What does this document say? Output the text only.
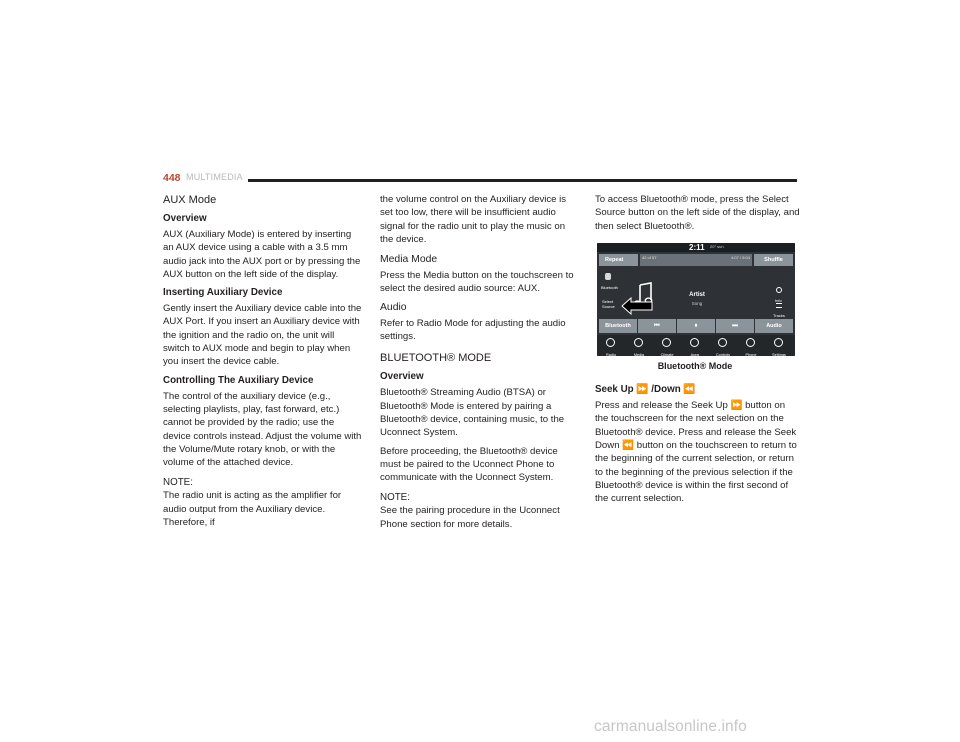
448 MULTIMEDIA
AUX Mode
Overview

AUX (Auxiliary Mode) is entered by inserting an AUX device using a cable with a 3.5 mm audio jack into the AUX port or by pressing the AUX button on the left side of the display.

Inserting Auxiliary Device

Gently insert the Auxiliary device cable into the AUX Port. If you insert an Auxiliary device with the ignition and the radio on, the unit will switch to AUX mode and begin to play when you insert the device cable.

Controlling The Auxiliary Device

The control of the auxiliary device (e.g., selecting playlists, play, fast forward, etc.) cannot be provided by the radio; use the device controls instead. Adjust the volume with the Volume/Mute rotary knob, or with the volume of the attached device.

NOTE:

The radio unit is acting as the amplifier for audio output from the Auxiliary device. Therefore, if

the volume control on the Auxiliary device is set too low, there will be insufficient audio signal for the radio unit to play the music on the device.

Media Mode

Press the Media button on the touchscreen to select the desired audio source: AUX.

Audio

Refer to Radio Mode for adjusting the audio settings.

BLUETOOTH® MODE
Overview

Bluetooth® Streaming Audio (BTSA) or Bluetooth® Mode is entered by pairing a Bluetooth® device, containing music, to the Uconnect System.

Before proceeding, the Bluetooth® device must be paired to the Uconnect Phone to communicate with the Uconnect System.

NOTE:

See the pairing procedure in the Uconnect Phone section for more details.

To access Bluetooth® mode, press the Select Source button on the left side of the display, and then select Bluetooth®.

2:11 20° sun
Repeat	42 of 57	4:07 / 5:04	Shuffle
Bluetooth
Select Source
Artist
Song
Info
Tracks
Bluetooth	⏮	⏸	⏭	Audio
Radio	Media	Climate	Apps	Controls	Phone	Settings
Bluetooth® Mode
Seek Up ⏩ /Down ⏪

Press and release the Seek Up ⏩ button on the touchscreen for the next selection on the Bluetooth® device. Press and release the Seek Down ⏪ button on the touchscreen to return to the beginning of the current selection, or return to the beginning of the previous selection if the Bluetooth® device is within the first second of the current selection.

carmanualsonline.info
